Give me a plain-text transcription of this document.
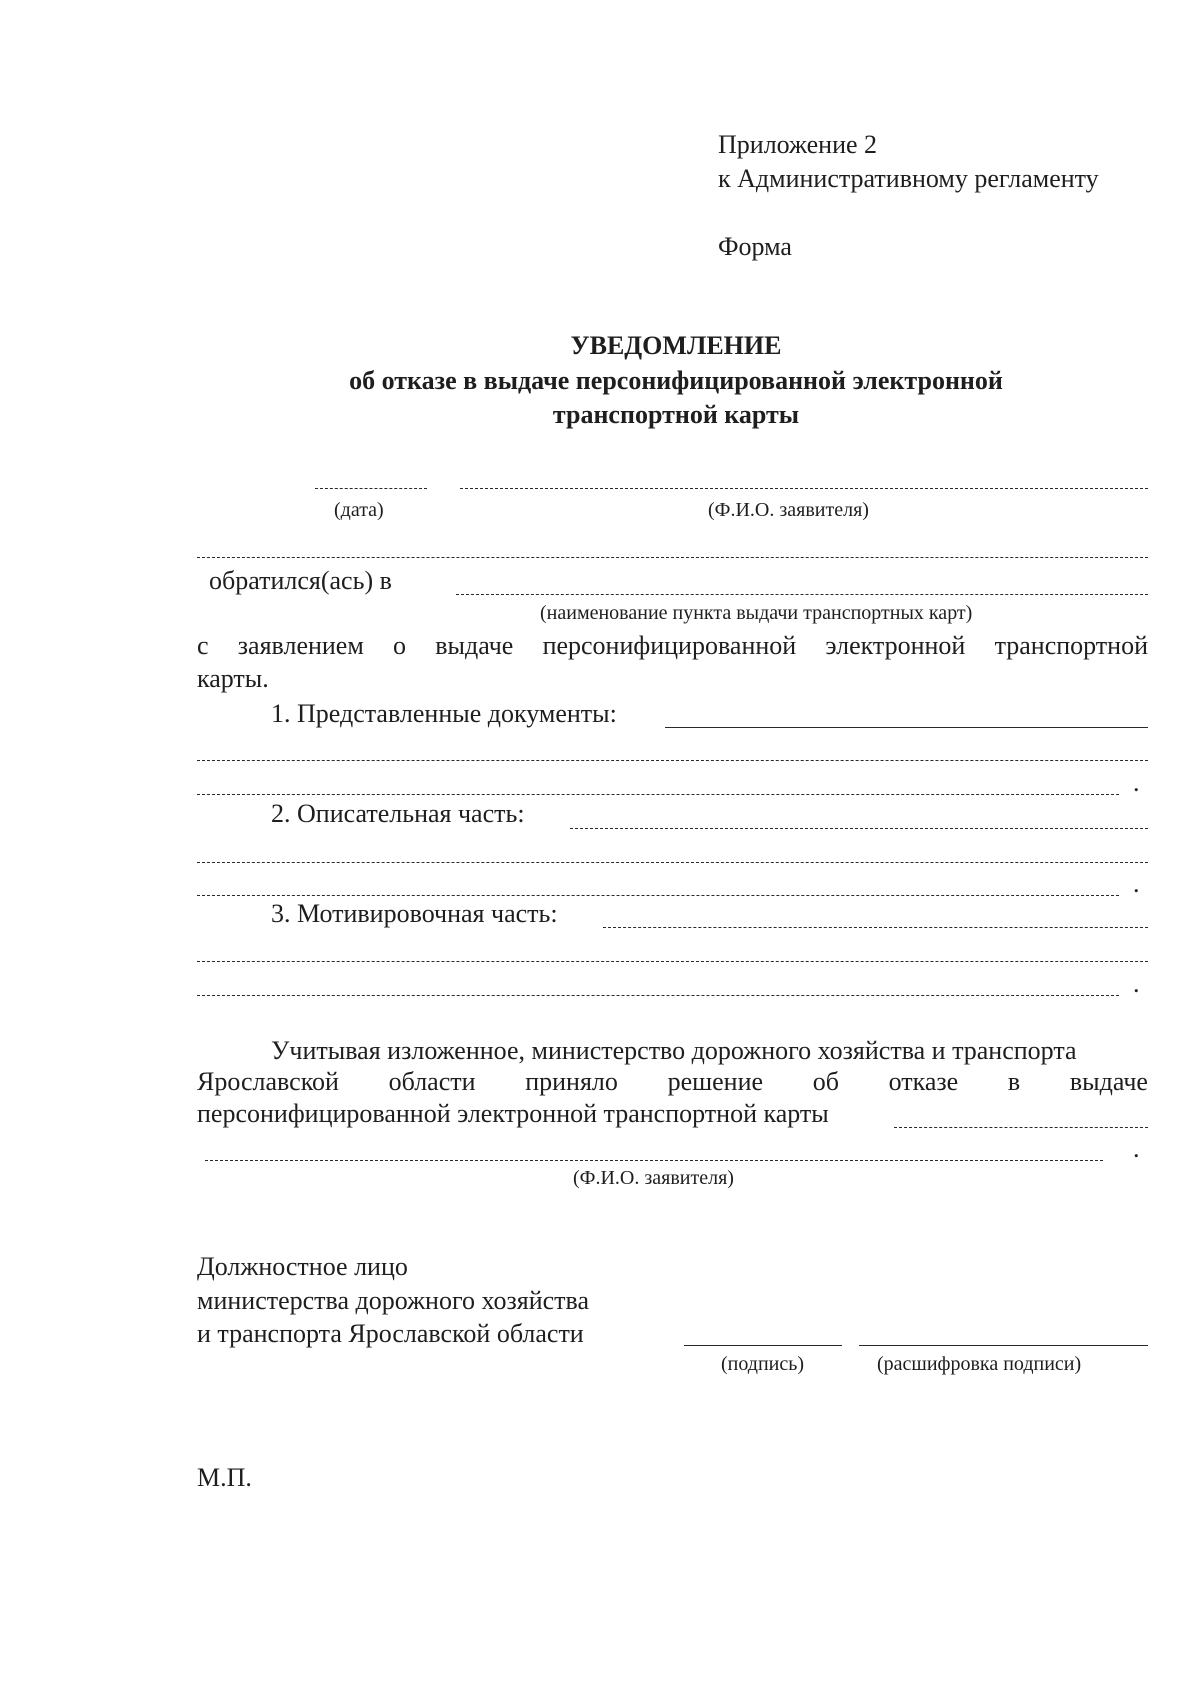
Приложение 2
к Административному регламенту
Форма
УВЕДОМЛЕНИЕ
об отказе в выдаче персонифицированной электронной
транспортной карты
(дата)	(Ф.И.О. заявителя)
обратился(ась) в
(наименование пункта выдачи транспортных карт)
с заявлением о выдаче персонифицированной электронной транспортной
карты.
1. Представленные документы:
.
2. Описательная часть:
.
3. Мотивировочная часть:
.
Учитывая изложенное, министерство дорожного хозяйства и транспорта
Ярославской области приняло решение об отказе в выдаче
персонифицированной электронной транспортной карты
.
(Ф.И.О. заявителя)
Должностное лицо
министерства дорожного хозяйства
и транспорта Ярославской области
(подпись)	(расшифровка подписи)
М.П.
